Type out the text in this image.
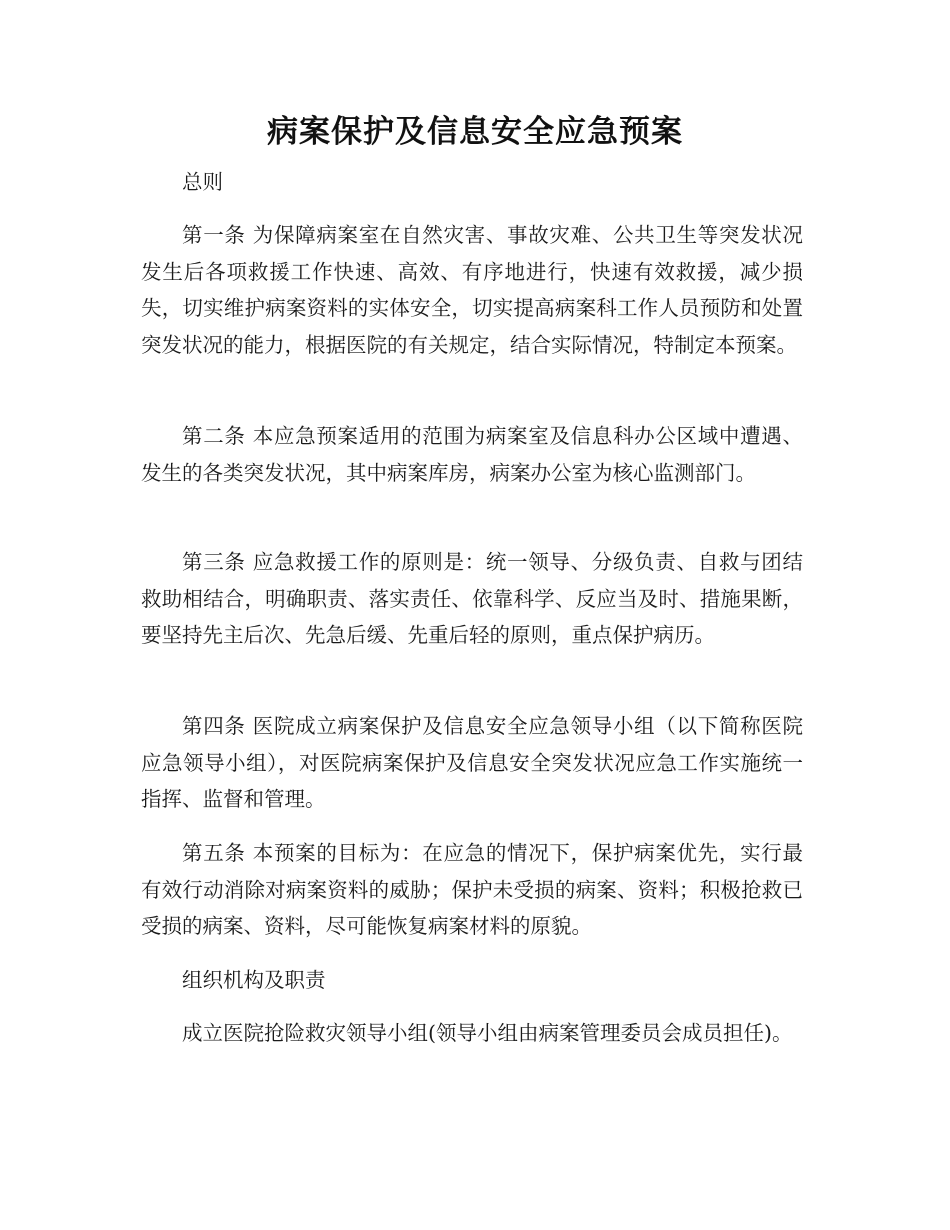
病案保护及信息安全应急预案

总则

第一条 为保障病案室在自然灾害、事故灾难、公共卫生等突发状况发生后各项救援工作快速、高效、有序地进行，快速有效救援，减少损失，切实维护病案资料的实体安全，切实提高病案科工作人员预防和处置突发状况的能力，根据医院的有关规定，结合实际情况，特制定本预案。

第二条 本应急预案适用的范围为病案室及信息科办公区域中遭遇、发生的各类突发状况，其中病案库房，病案办公室为核心监测部门。

第三条 应急救援工作的原则是：统一领导、分级负责、自救与团结救助相结合，明确职责、落实责任、依靠科学、反应当及时、措施果断，要坚持先主后次、先急后缓、先重后轻的原则，重点保护病历。

第四条 医院成立病案保护及信息安全应急领导小组（以下简称医院应急领导小组），对医院病案保护及信息安全突发状况应急工作实施统一指挥、监督和管理。

第五条 本预案的目标为：在应急的情况下，保护病案优先，实行最有效行动消除对病案资料的威胁；保护未受损的病案、资料；积极抢救已受损的病案、资料，尽可能恢复病案材料的原貌。

组织机构及职责

成立医院抢险救灾领导小组(领导小组由病案管理委员会成员担任)。
